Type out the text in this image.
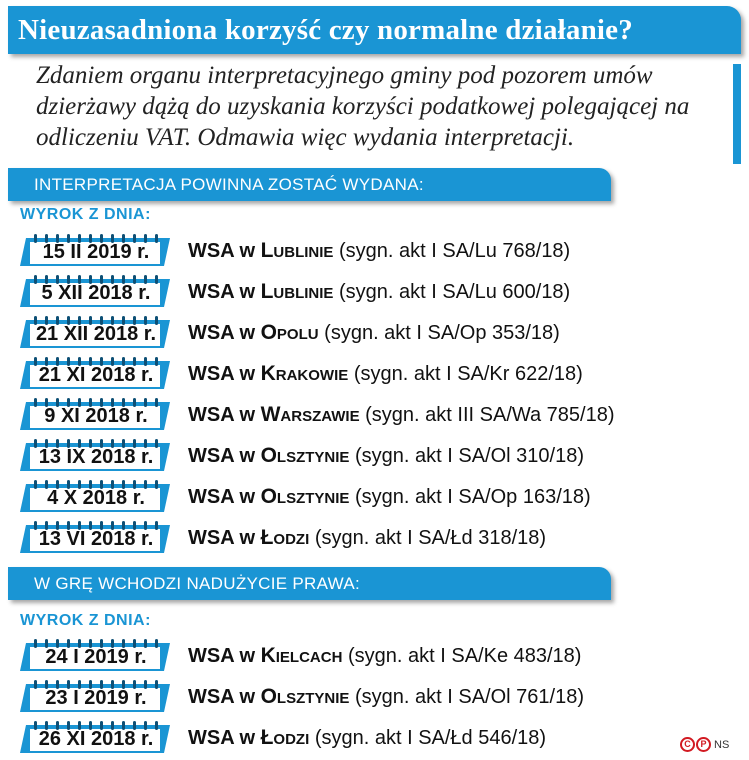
Nieuzasadniona korzyść czy normalne działanie?
Zdaniem organu interpretacyjnego gminy pod pozorem umów dzierżawy dążą do uzyskania korzyści podatkowej polegającej na odliczeniu VAT. Odmawia więc wydania interpretacji.
INTERPRETACJA POWINNA ZOSTAĆ WYDANA:
WYROK Z DNIA:
15 II 2019 r.	WSA w Lublinie (sygn. akt I SA/Lu 768/18)
5 XII 2018 r.	WSA w Lublinie (sygn. akt I SA/Lu 600/18)
21 XII 2018 r.	WSA w Opolu (sygn. akt I SA/Op 353/18)
21 XI 2018 r.	WSA w Krakowie (sygn. akt I SA/Kr 622/18)
9 XI 2018 r.	WSA w Warszawie (sygn. akt III SA/Wa 785/18)
13 IX 2018 r.	WSA w Olsztynie (sygn. akt I SA/Ol 310/18)
4 X 2018 r.	WSA w Olsztynie (sygn. akt I SA/Op 163/18)
13 VI 2018 r.	WSA w Łodzi (sygn. akt I SA/Łd 318/18)
W GRĘ WCHODZI NADUŻYCIE PRAWA:
WYROK Z DNIA:
24 I 2019 r.	WSA w Kielcach (sygn. akt I SA/Ke 483/18)
23 I 2019 r.	WSA w Olsztynie (sygn. akt I SA/Ol 761/18)
26 XI 2018 r.	WSA w Łodzi (sygn. akt I SA/Łd 546/18)	C	P NS
